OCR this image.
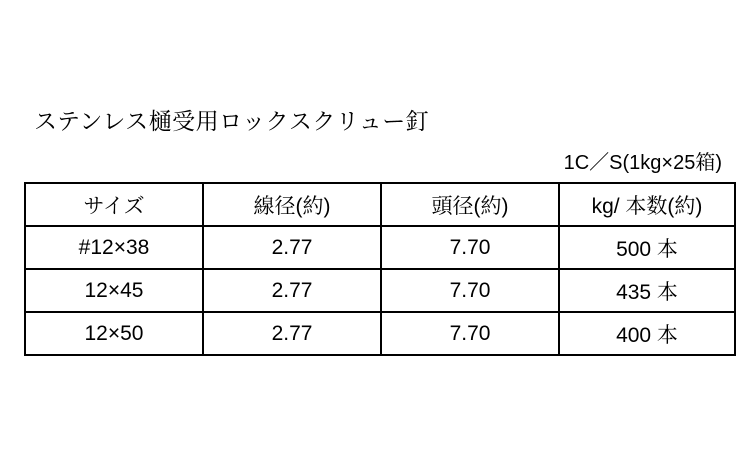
ステンレス樋受用ロックスクリュー釘
1C／S(1kg×25箱)
サイズ	線径(約)	頭径(約)	kg/ 本数(約)
#12×38	2.77	7.70	500 本
12×45	2.77	7.70	435 本
12×50	2.77	7.70	400 本
